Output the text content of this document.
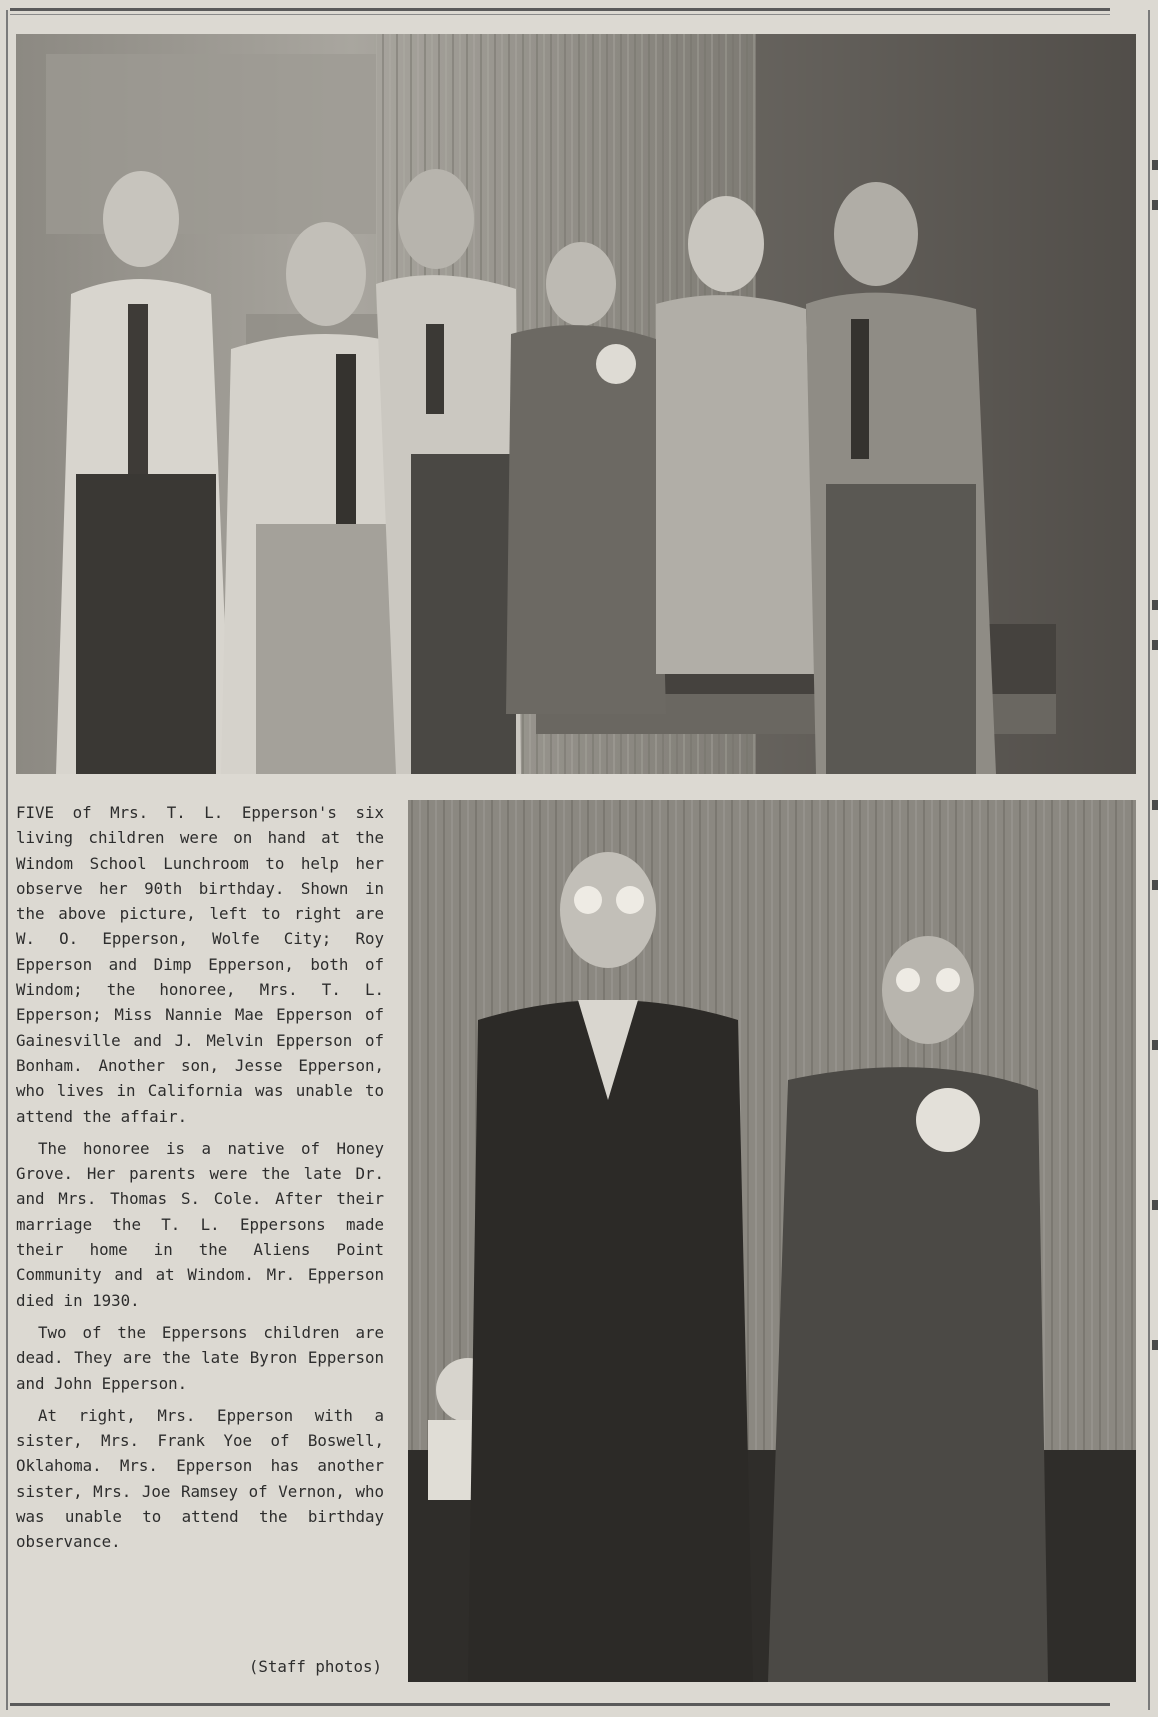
FIVE of Mrs. T. L. Epperson's six living children were on hand at the Windom School Lunchroom to help her observe her 90th birthday. Shown in the above picture, left to right are W. O. Epperson, Wolfe City; Roy Epperson and Dimp Epperson, both of Windom; the honoree, Mrs. T. L. Epperson; Miss Nannie Mae Epperson of Gainesville and J. Melvin Epperson of Bonham. Another son, Jesse Epperson, who lives in California was unable to attend the affair.

The honoree is a native of Honey Grove. Her parents were the late Dr. and Mrs. Thomas S. Cole. After their marriage the T. L. Eppersons made their home in the Aliens Point Community and at Windom. Mr. Epperson died in 1930.

Two of the Eppersons children are dead. They are the late Byron Epperson and John Epperson.

At right, Mrs. Epperson with a sister, Mrs. Frank Yoe of Boswell, Oklahoma. Mrs. Epperson has another sister, Mrs. Joe Ramsey of Vernon, who was unable to attend the birthday observance.

(Staff photos)
